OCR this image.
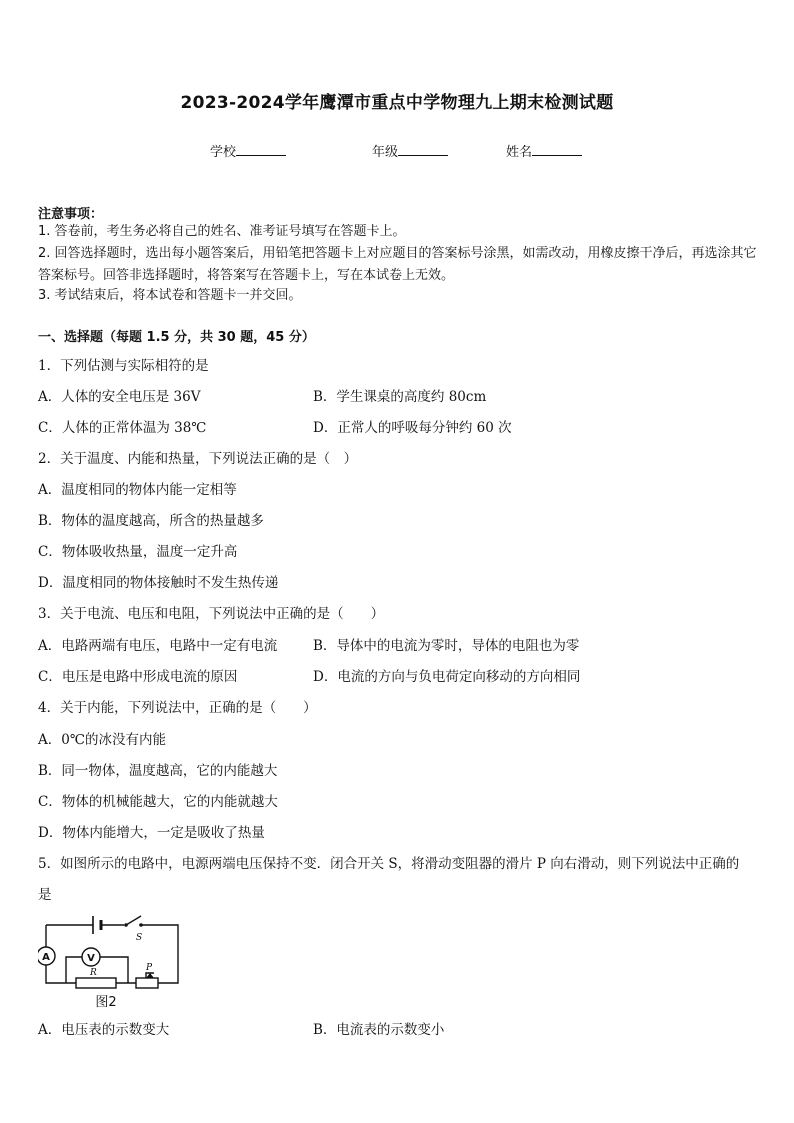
2023-2024学年鹰潭市重点中学物理九上期末检测试题
学校	年级	姓名
注意事项：
1. 答卷前，考生务必将自己的姓名、准考证号填写在答题卡上。
2. 回答选择题时，选出每小题答案后，用铅笔把答题卡上对应题目的答案标号涂黑，如需改动，用橡皮擦干净后，再选涂其它答案标号。回答非选择题时，将答案写在答题卡上，写在本试卷上无效。
3. 考试结束后，将本试卷和答题卡一并交回。
一、选择题（每题 1.5 分，共 30 题，45 分）
1．下列估测与实际相符的是
A．人体的安全电压是 36V	B．学生课桌的高度约 80cm
C．人体的正常体温为 38℃	D．正常人的呼吸每分钟约 60 次
2．关于温度、内能和热量，下列说法正确的是（　）
A．温度相同的物体内能一定相等
B．物体的温度越高，所含的热量越多
C．物体吸收热量，温度一定升高
D．温度相同的物体接触时不发生热传递
3．关于电流、电压和电阻，下列说法中正确的是（　　）
A．电路两端有电压，电路中一定有电流	B．导体中的电流为零时，导体的电阻也为零
C．电压是电路中形成电流的原因	D．电流的方向与负电荷定向移动的方向相同
4．关于内能，下列说法中，正确的是（　　）
A．0℃的冰没有内能
B．同一物体，温度越高，它的内能越大
C．物体的机械能越大，它的内能就越大
D．物体内能增大，一定是吸收了热量
5．如图所示的电路中，电源两端电压保持不变．闭合开关 S，将滑动变阻器的滑片 P 向右滑动，则下列说法中正确的
是
S
A	V
R	P
图2
A．电压表的示数变大	B．电流表的示数变小
